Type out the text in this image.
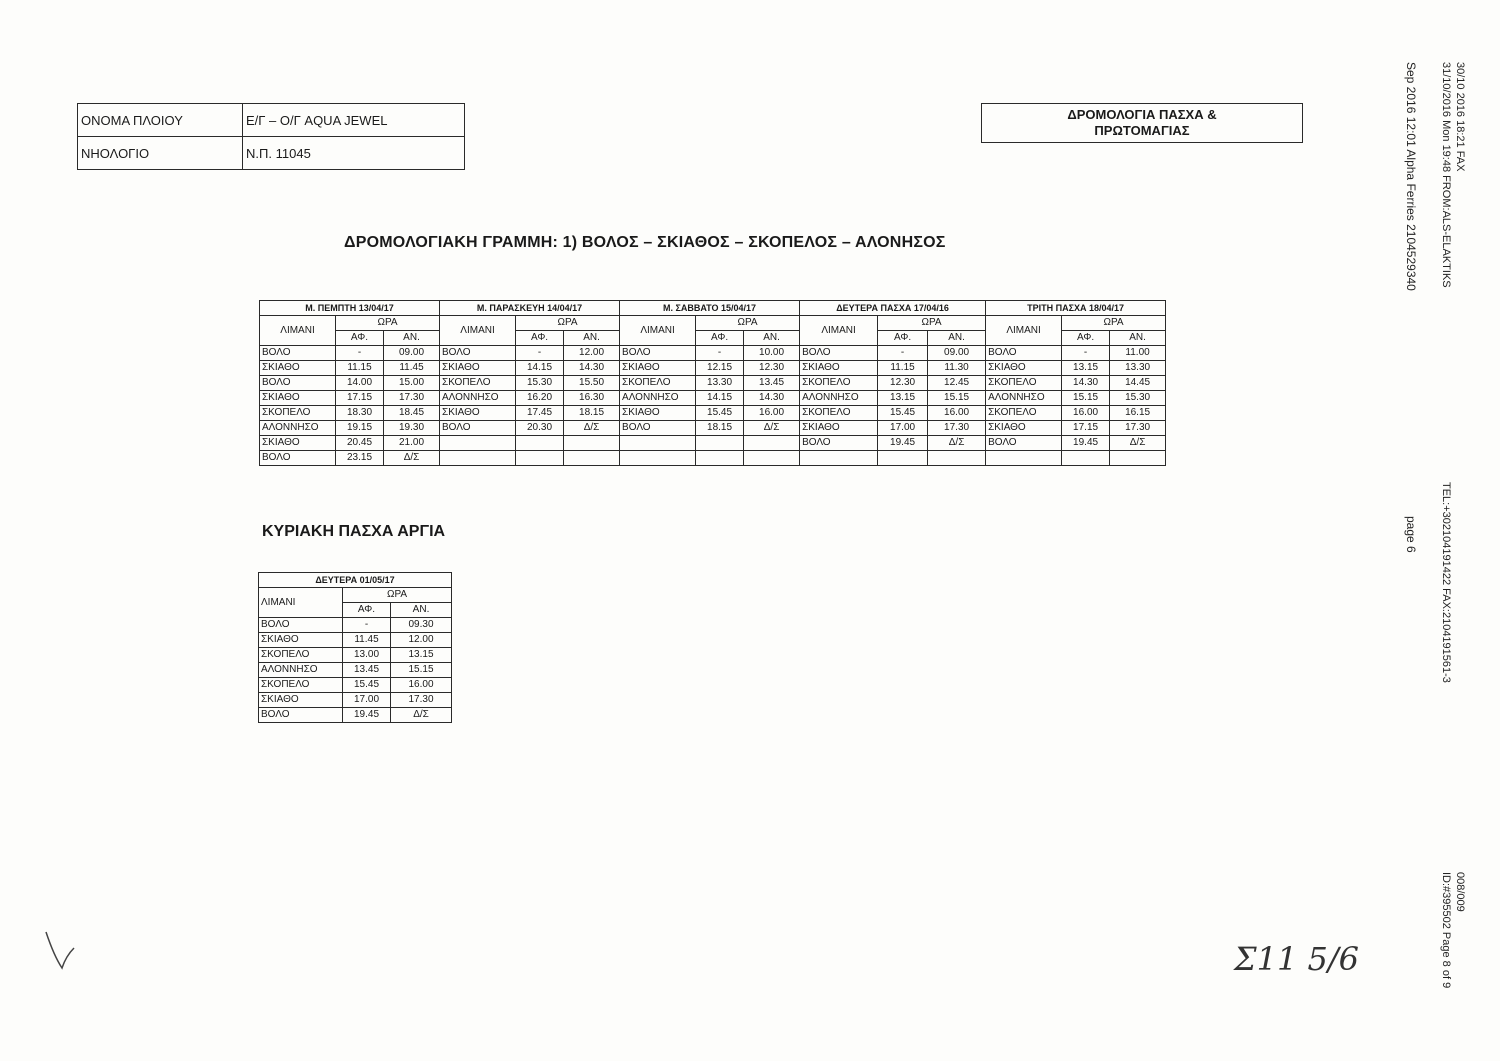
ΟΝΟΜΑ ΠΛΟΙΟΥ	Ε/Γ – Ο/Γ AQUA JEWEL
ΝΗΟΛΟΓΙΟ	Ν.Π. 11045
ΔΡΟΜΟΛΟΓΙΑ ΠΑΣΧΑ &
ΠΡΩΤΟΜΑΓΙΑΣ
ΔΡΟΜΟΛΟΓΙΑΚΗ ΓΡΑΜΜΗ: 1) ΒΟΛΟΣ – ΣΚΙΑΘΟΣ – ΣΚΟΠΕΛΟΣ – ΑΛΟΝΗΣΟΣ
Μ. ΠΕΜΠΤΗ 13/04/17			Μ. ΠΑΡΑΣΚΕΥΗ 14/04/17			Μ. ΣΑΒΒΑΤΟ 15/04/17			ΔΕΥΤΕΡΑ ΠΑΣΧΑ 17/04/16			ΤΡΙΤΗ ΠΑΣΧΑ 18/04/17		
ΛΙΜΑΝΙ	ΩΡΑ		ΛΙΜΑΝΙ	ΩΡΑ		ΛΙΜΑΝΙ	ΩΡΑ		ΛΙΜΑΝΙ	ΩΡΑ		ΛΙΜΑΝΙ	ΩΡΑ	
	ΑΦ.	ΑΝ.		ΑΦ.	ΑΝ.		ΑΦ.	ΑΝ.		ΑΦ.	ΑΝ.		ΑΦ.	ΑΝ.
ΒΟΛΟ	-	09.00	ΒΟΛΟ	-	12.00	ΒΟΛΟ	-	10.00	ΒΟΛΟ	-	09.00	ΒΟΛΟ	-	11.00
ΣΚΙΑΘΟ	11.15	11.45	ΣΚΙΑΘΟ	14.15	14.30	ΣΚΙΑΘΟ	12.15	12.30	ΣΚΙΑΘΟ	11.15	11.30	ΣΚΙΑΘΟ	13.15	13.30
ΒΟΛΟ	14.00	15.00	ΣΚΟΠΕΛΟ	15.30	15.50	ΣΚΟΠΕΛΟ	13.30	13.45	ΣΚΟΠΕΛΟ	12.30	12.45	ΣΚΟΠΕΛΟ	14.30	14.45
ΣΚΙΑΘΟ	17.15	17.30	ΑΛΟΝΝΗΣΟ	16.20	16.30	ΑΛΟΝΝΗΣΟ	14.15	14.30	ΑΛΟΝΝΗΣΟ	13.15	15.15	ΑΛΟΝΝΗΣΟ	15.15	15.30
ΣΚΟΠΕΛΟ	18.30	18.45	ΣΚΙΑΘΟ	17.45	18.15	ΣΚΙΑΘΟ	15.45	16.00	ΣΚΟΠΕΛΟ	15.45	16.00	ΣΚΟΠΕΛΟ	16.00	16.15
ΑΛΟΝΝΗΣΟ	19.15	19.30	ΒΟΛΟ	20.30	Δ/Σ	ΒΟΛΟ	18.15	Δ/Σ	ΣΚΙΑΘΟ	17.00	17.30	ΣΚΙΑΘΟ	17.15	17.30
ΣΚΙΑΘΟ	20.45	21.00							ΒΟΛΟ	19.45	Δ/Σ	ΒΟΛΟ	19.45	Δ/Σ
ΒΟΛΟ	23.15	Δ/Σ												
ΚΥΡΙΑΚΗ ΠΑΣΧΑ ΑΡΓΙΑ
ΔΕΥΤΕΡΑ 01/05/17		
ΛΙΜΑΝΙ	ΩΡΑ	
	ΑΦ.	ΑΝ.
ΒΟΛΟ	-	09.30
ΣΚΙΑΘΟ	11.45	12.00
ΣΚΟΠΕΛΟ	13.00	13.15
ΑΛΟΝΝΗΣΟ	13.45	15.15
ΣΚΟΠΕΛΟ	15.45	16.00
ΣΚΙΑΘΟ	17.00	17.30
ΒΟΛΟ	19.45	Δ/Σ
30/10 2016 18:21 FAX
31/10/2016 Mon 19:48 FROM:ALS-ELAKTIKS
Sep 2016 12:01 Alpha Ferries 2104529340
TEL:+302104191422 FAX:2104191561-3
page 6
008/009
ID:#395502 Page 8 of 9
Σ11 5/6
